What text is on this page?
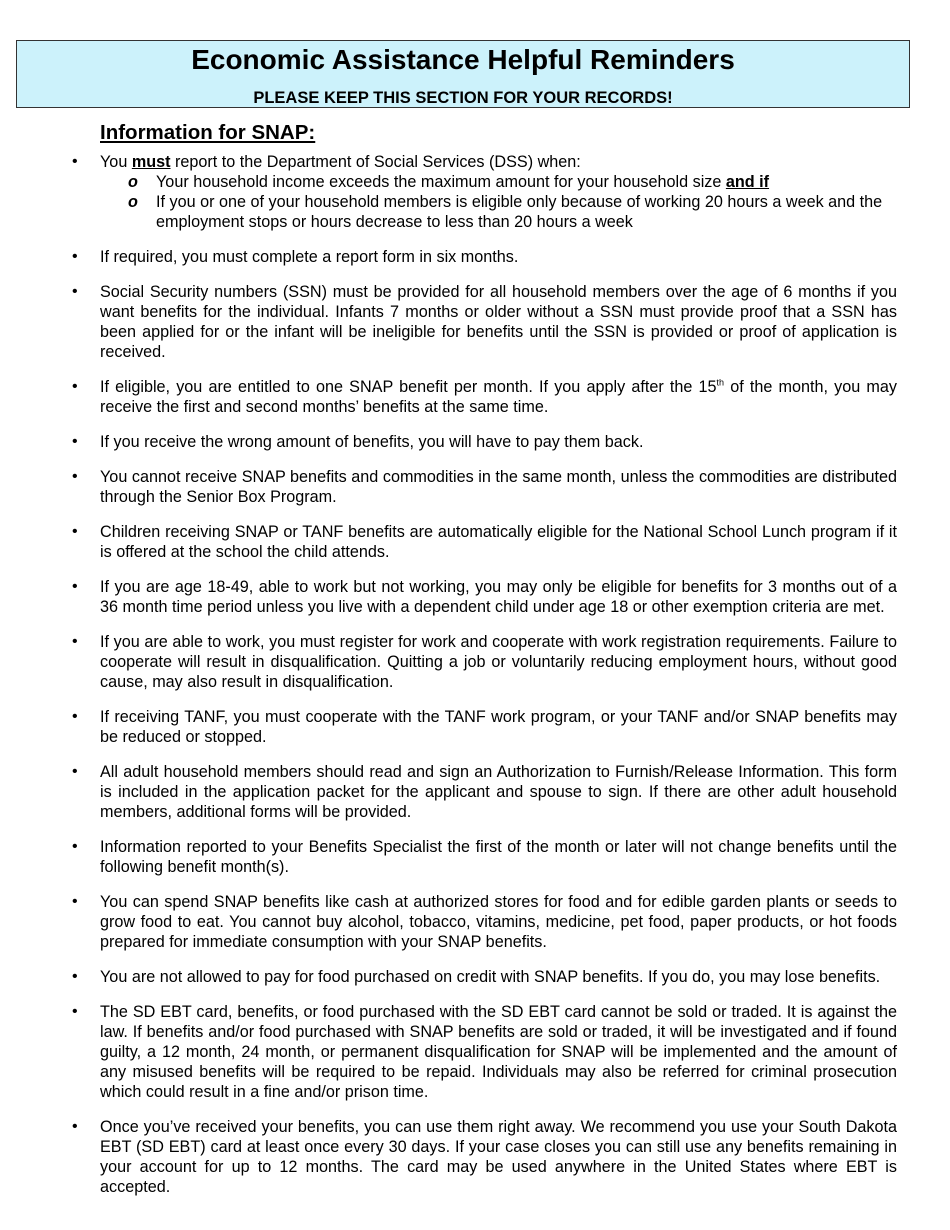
Economic Assistance Helpful Reminders
PLEASE KEEP THIS SECTION FOR YOUR RECORDS!
Information for SNAP:
• You must report to the Department of Social Services (DSS) when:
o Your household income exceeds the maximum amount for your household size and if
o If you or one of your household members is eligible only because of working 20 hours a week and the employment stops or hours decrease to less than 20 hours a week
• If required, you must complete a report form in six months.
• Social Security numbers (SSN) must be provided for all household members over the age of 6 months if you want benefits for the individual. Infants 7 months or older without a SSN must provide proof that a SSN has been applied for or the infant will be ineligible for benefits until the SSN is provided or proof of application is received.
• If eligible, you are entitled to one SNAP benefit per month. If you apply after the 15th of the month, you may receive the first and second months’ benefits at the same time.
• If you receive the wrong amount of benefits, you will have to pay them back.
• You cannot receive SNAP benefits and commodities in the same month, unless the commodities are distributed through the Senior Box Program.
• Children receiving SNAP or TANF benefits are automatically eligible for the National School Lunch program if it is offered at the school the child attends.
• If you are age 18-49, able to work but not working, you may only be eligible for benefits for 3 months out of a 36 month time period unless you live with a dependent child under age 18 or other exemption criteria are met.
• If you are able to work, you must register for work and cooperate with work registration requirements. Failure to cooperate will result in disqualification. Quitting a job or voluntarily reducing employment hours, without good cause, may also result in disqualification.
• If receiving TANF, you must cooperate with the TANF work program, or your TANF and/or SNAP benefits may be reduced or stopped.
• All adult household members should read and sign an Authorization to Furnish/Release Information. This form is included in the application packet for the applicant and spouse to sign. If there are other adult household members, additional forms will be provided.
• Information reported to your Benefits Specialist the first of the month or later will not change benefits until the following benefit month(s).
• You can spend SNAP benefits like cash at authorized stores for food and for edible garden plants or seeds to grow food to eat. You cannot buy alcohol, tobacco, vitamins, medicine, pet food, paper products, or hot foods prepared for immediate consumption with your SNAP benefits.
• You are not allowed to pay for food purchased on credit with SNAP benefits. If you do, you may lose benefits.
• The SD EBT card, benefits, or food purchased with the SD EBT card cannot be sold or traded. It is against the law. If benefits and/or food purchased with SNAP benefits are sold or traded, it will be investigated and if found guilty, a 12 month, 24 month, or permanent disqualification for SNAP will be implemented and the amount of any misused benefits will be required to be repaid. Individuals may also be referred for criminal prosecution which could result in a fine and/or prison time.
• Once you’ve received your benefits, you can use them right away. We recommend you use your South Dakota EBT (SD EBT) card at least once every 30 days. If your case closes you can still use any benefits remaining in your account for up to 12 months. The card may be used anywhere in the United States where EBT is accepted.
